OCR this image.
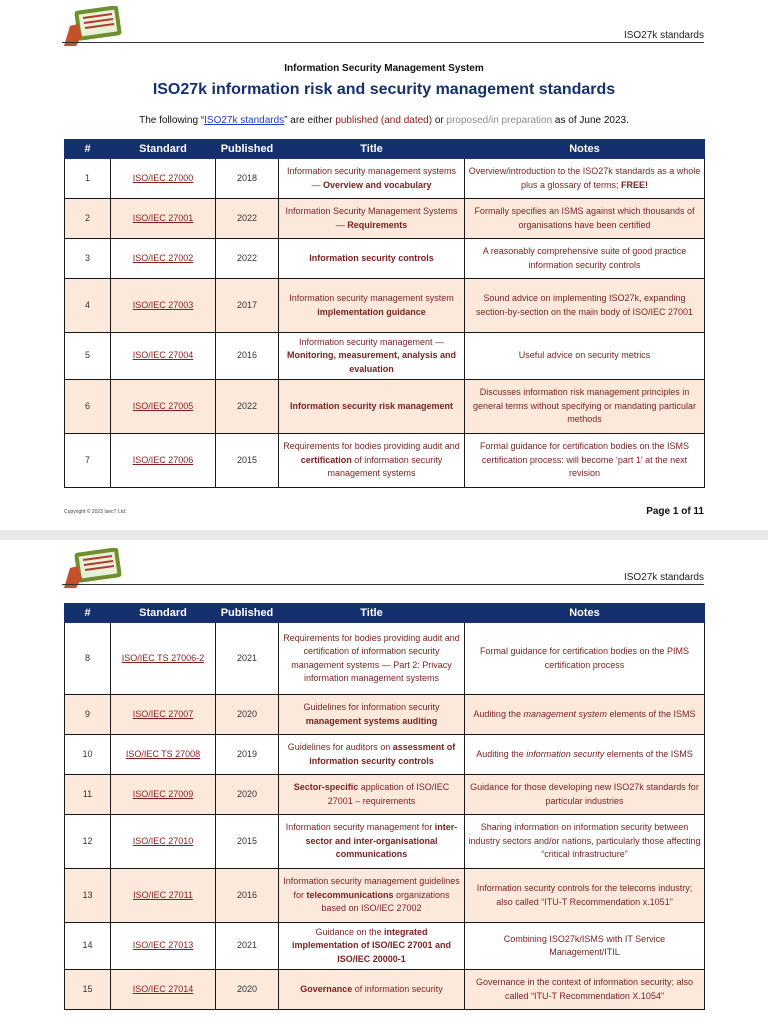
ISO27k standards
Information Security Management System
ISO27k information risk and security management standards
The following “ISO27k standards” are either published (and dated) or proposed/in preparation as of June 2023.
#	Standard	Published	Title	Notes
1	ISO/IEC 27000	2018	Information security management systems — Overview and vocabulary	Overview/introduction to the ISO27k standards as a whole plus a glossary of terms; FREE!
2	ISO/IEC 27001	2022	Information Security Management Systems — Requirements	Formally specifies an ISMS against which thousands of organisations have been certified
3	ISO/IEC 27002	2022	Information security controls	A reasonably comprehensive suite of good practice information security controls
4	ISO/IEC 27003	2017	Information security management system implementation guidance	Sound advice on implementing ISO27k, expanding section-by-section on the main body of ISO/IEC 27001
5	ISO/IEC 27004	2016	Information security management — Monitoring, measurement, analysis and evaluation	Useful advice on security metrics
6	ISO/IEC 27005	2022	Information security risk management	Discusses information risk management principles in general terms without specifying or mandating particular methods
7	ISO/IEC 27006	2015	Requirements for bodies providing audit and certification of information security management systems	Formal guidance for certification bodies on the ISMS certification process: will become ‘part 1’ at the next revision
Copyright © 2023 IsecT Ltd.	Page 1 of 11
ISO27k standards
#	Standard	Published	Title	Notes
8	ISO/IEC TS 27006-2	2021	Requirements for bodies providing audit and certification of information security management systems — Part 2: Privacy information management systems	Formal guidance for certification bodies on the PIMS certification process
9	ISO/IEC 27007	2020	Guidelines for information security management systems auditing	Auditing the management system elements of the ISMS
10	ISO/IEC TS 27008	2019	Guidelines for auditors on assessment of information security controls	Auditing the information security elements of the ISMS
11	ISO/IEC 27009	2020	Sector-specific application of ISO/IEC 27001 – requirements	Guidance for those developing new ISO27k standards for particular industries
12	ISO/IEC 27010	2015	Information security management for inter-sector and inter-organisational communications	Sharing information on information security between industry sectors and/or nations, particularly those affecting “critical infrastructure”
13	ISO/IEC 27011	2016	Information security management guidelines for telecommunications organizations based on ISO/IEC 27002	Information security controls for the telecoms industry; also called “ITU-T Recommendation x.1051”
14	ISO/IEC 27013	2021	Guidance on the integrated implementation of ISO/IEC 27001 and ISO/IEC 20000-1	Combining ISO27k/ISMS with IT Service Management/ITIL
15	ISO/IEC 27014	2020	Governance of information security	Governance in the context of information security; also called “ITU-T Recommendation X.1054”
